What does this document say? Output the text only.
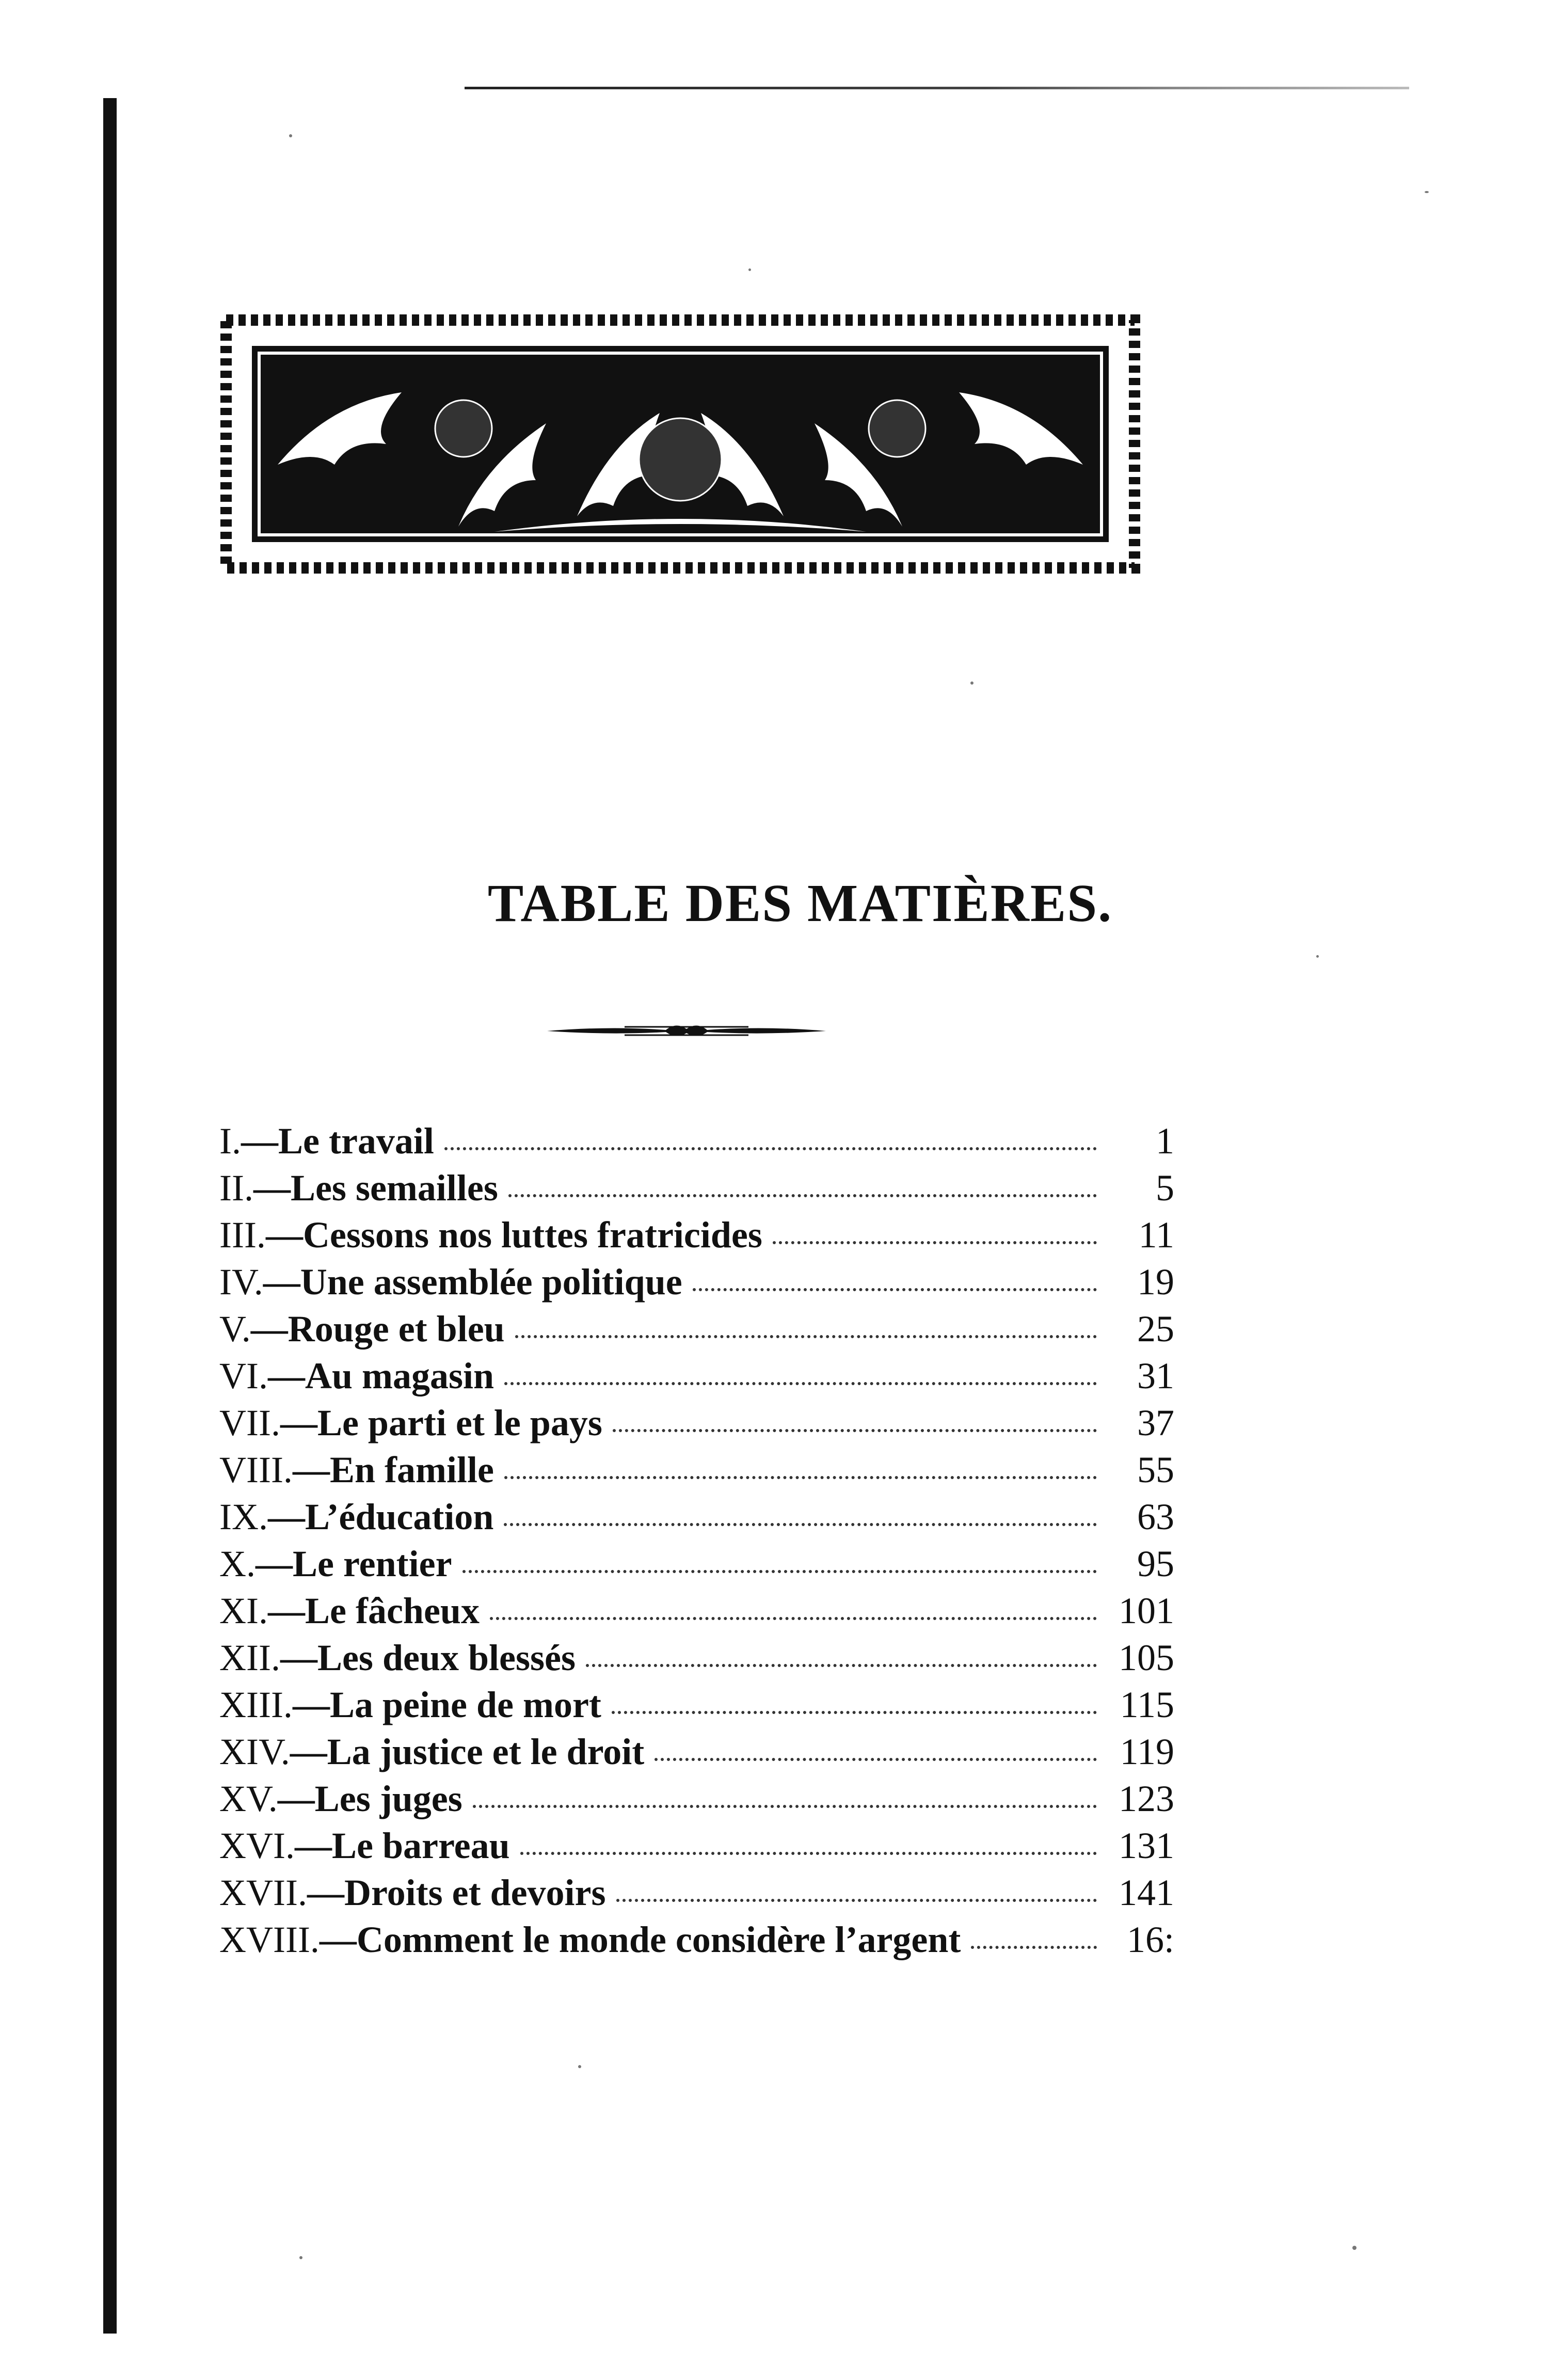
TABLE DES MATIÈRES.
I.—Le travail	1
II.—Les semailles	5
III.—Cessons nos luttes fratricides	11
IV.—Une assemblée politique	19
V.—Rouge et bleu	25
VI.—Au magasin	31
VII.—Le parti et le pays	37
VIII.—En famille	55
IX.—L’éducation	63
X.—Le rentier	95
XI.—Le fâcheux	101
XII.—Les deux blessés	105
XIII.—La peine de mort	115
XIV.—La justice et le droit	119
XV.—Les juges	123
XVI.—Le barreau	131
XVII.—Droits et devoirs	141
XVIII.—Comment le monde considère l’argent	16:
